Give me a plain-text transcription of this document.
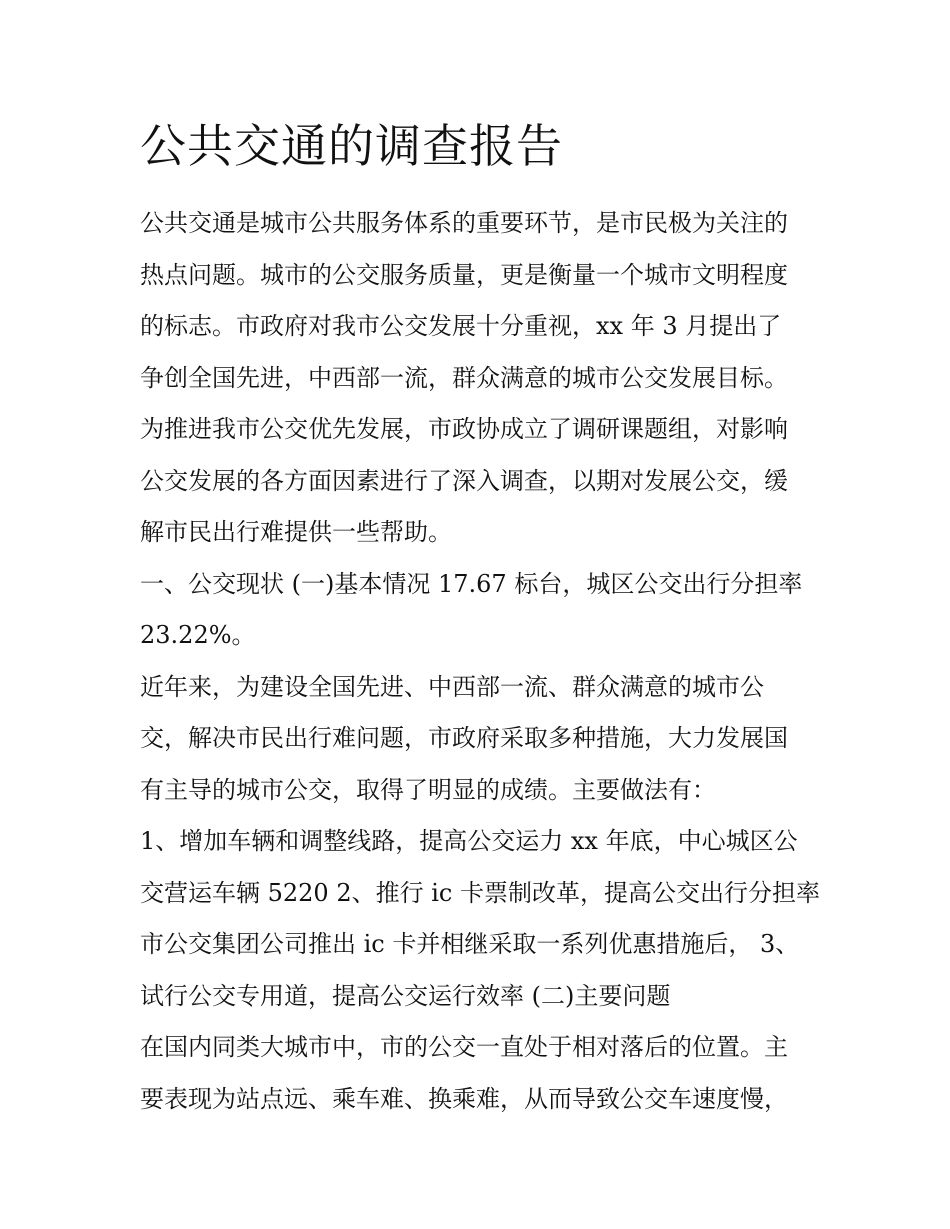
公共交通的调查报告
公共交通是城市公共服务体系的重要环节，是市民极为关注的
热点问题。城市的公交服务质量，更是衡量一个城市文明程度
的标志。市政府对我市公交发展十分重视，xx 年 3 月提出了
争创全国先进，中西部一流，群众满意的城市公交发展目标。
为推进我市公交优先发展，市政协成立了调研课题组，对影响
公交发展的各方面因素进行了深入调查，以期对发展公交，缓
解市民出行难提供一些帮助。
一、公交现状 (一)基本情况 17.67 标台，城区公交出行分担率
23.22%。
近年来，为建设全国先进、中西部一流、群众满意的城市公
交，解决市民出行难问题，市政府采取多种措施，大力发展国
有主导的城市公交，取得了明显的成绩。主要做法有：
1、增加车辆和调整线路，提高公交运力 xx 年底，中心城区公
交营运车辆 5220 2、推行 ic 卡票制改革，提高公交出行分担率
市公交集团公司推出 ic 卡并相继采取一系列优惠措施后， 3、
试行公交专用道，提高公交运行效率 (二)主要问题
在国内同类大城市中，市的公交一直处于相对落后的位置。主
要表现为站点远、乘车难、换乘难，从而导致公交车速度慢，
